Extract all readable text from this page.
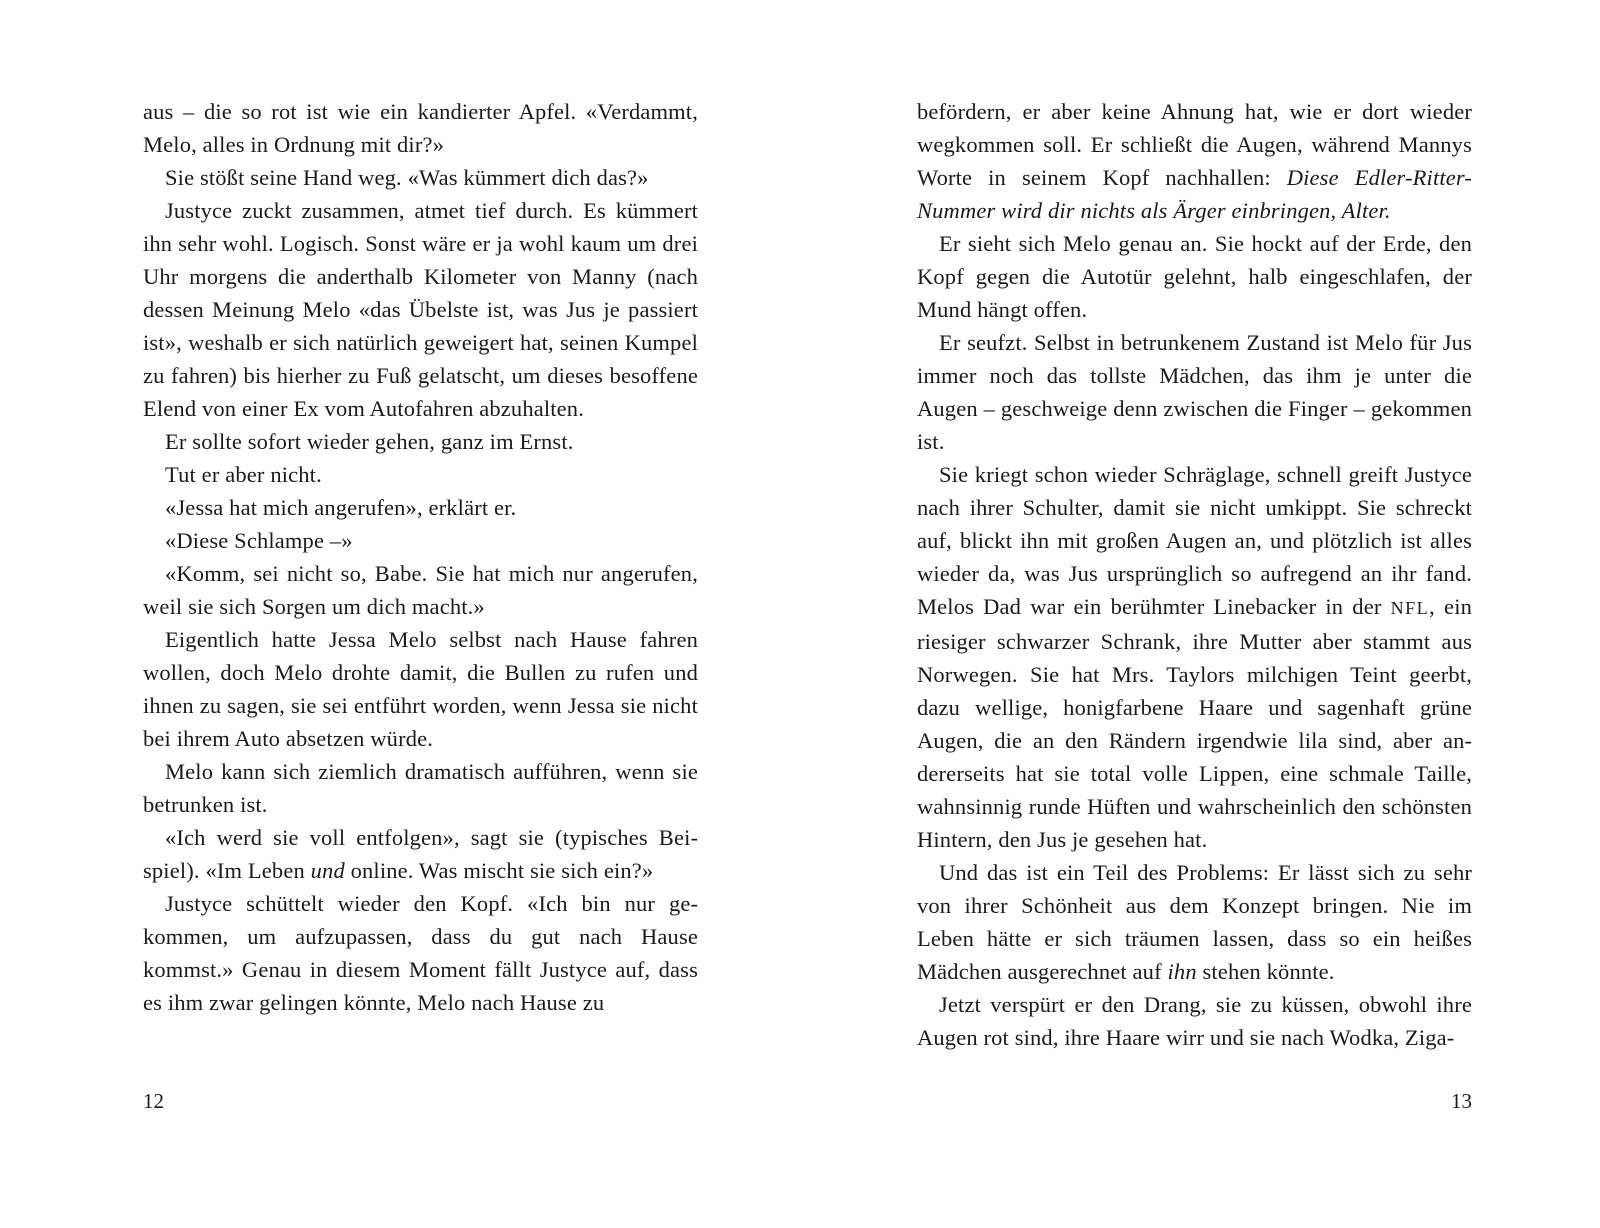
aus – die so rot ist wie ein kandierter Apfel. «Verdammt, Melo, alles in Ordnung mit dir?»

Sie stößt seine Hand weg. «Was kümmert dich das?»

Justyce zuckt zusammen, atmet tief durch. Es kümmert ihn sehr wohl. Logisch. Sonst wäre er ja wohl kaum um drei Uhr morgens die anderthalb Kilometer von Manny (nach dessen Meinung Melo «das Übelste ist, was Jus je passiert ist», weshalb er sich natürlich geweigert hat, seinen Kumpel zu fahren) bis hierher zu Fuß gelatscht, um dieses besoffene Elend von einer Ex vom Autofahren abzuhalten.

Er sollte sofort wieder gehen, ganz im Ernst.

Tut er aber nicht.

«Jessa hat mich angerufen», erklärt er.

«Diese Schlampe –»

«Komm, sei nicht so, Babe. Sie hat mich nur angerufen, weil sie sich Sorgen um dich macht.»

Eigentlich hatte Jessa Melo selbst nach Hause fahren wollen, doch Melo drohte damit, die Bullen zu rufen und ihnen zu sagen, sie sei entführt worden, wenn Jessa sie nicht bei ihrem Auto absetzen würde.

Melo kann sich ziemlich dramatisch aufführen, wenn sie betrunken ist.

«Ich werd sie voll entfolgen», sagt sie (typisches Beispiel). «Im Leben und online. Was mischt sie sich ein?»

Justyce schüttelt wieder den Kopf. «Ich bin nur gekommen, um aufzupassen, dass du gut nach Hause kommst.» Genau in diesem Moment fällt Justyce auf, dass es ihm zwar gelingen könnte, Melo nach Hause zu

12

befördern, er aber keine Ahnung hat, wie er dort wieder wegkommen soll. Er schließt die Augen, während Mannys Worte in seinem Kopf nachhallen: Diese Edler-Ritter-Nummer wird dir nichts als Ärger einbringen, Alter.

Er sieht sich Melo genau an. Sie hockt auf der Erde, den Kopf gegen die Autotür gelehnt, halb eingeschlafen, der Mund hängt offen.

Er seufzt. Selbst in betrunkenem Zustand ist Melo für Jus immer noch das tollste Mädchen, das ihm je unter die Augen – geschweige denn zwischen die Finger – gekommen ist.

Sie kriegt schon wieder Schräglage, schnell greift Justyce nach ihrer Schulter, damit sie nicht umkippt. Sie schreckt auf, blickt ihn mit großen Augen an, und plötzlich ist alles wieder da, was Jus ursprünglich so aufregend an ihr fand. Melos Dad war ein berühmter Linebacker in der NFL, ein riesiger schwarzer Schrank, ihre Mutter aber stammt aus Norwegen. Sie hat Mrs. Taylors milchigen Teint geerbt, dazu wellige, honigfarbene Haare und sagenhaft grüne Augen, die an den Rändern irgendwie lila sind, aber andererseits hat sie total volle Lippen, eine schmale Taille, wahnsinnig runde Hüften und wahrscheinlich den schönsten Hintern, den Jus je gesehen hat.

Und das ist ein Teil des Problems: Er lässt sich zu sehr von ihrer Schönheit aus dem Konzept bringen. Nie im Leben hätte er sich träumen lassen, dass so ein heißes Mädchen ausgerechnet auf ihn stehen könnte.

Jetzt verspürt er den Drang, sie zu küssen, obwohl ihre Augen rot sind, ihre Haare wirr und sie nach Wodka, Ziga-

13
